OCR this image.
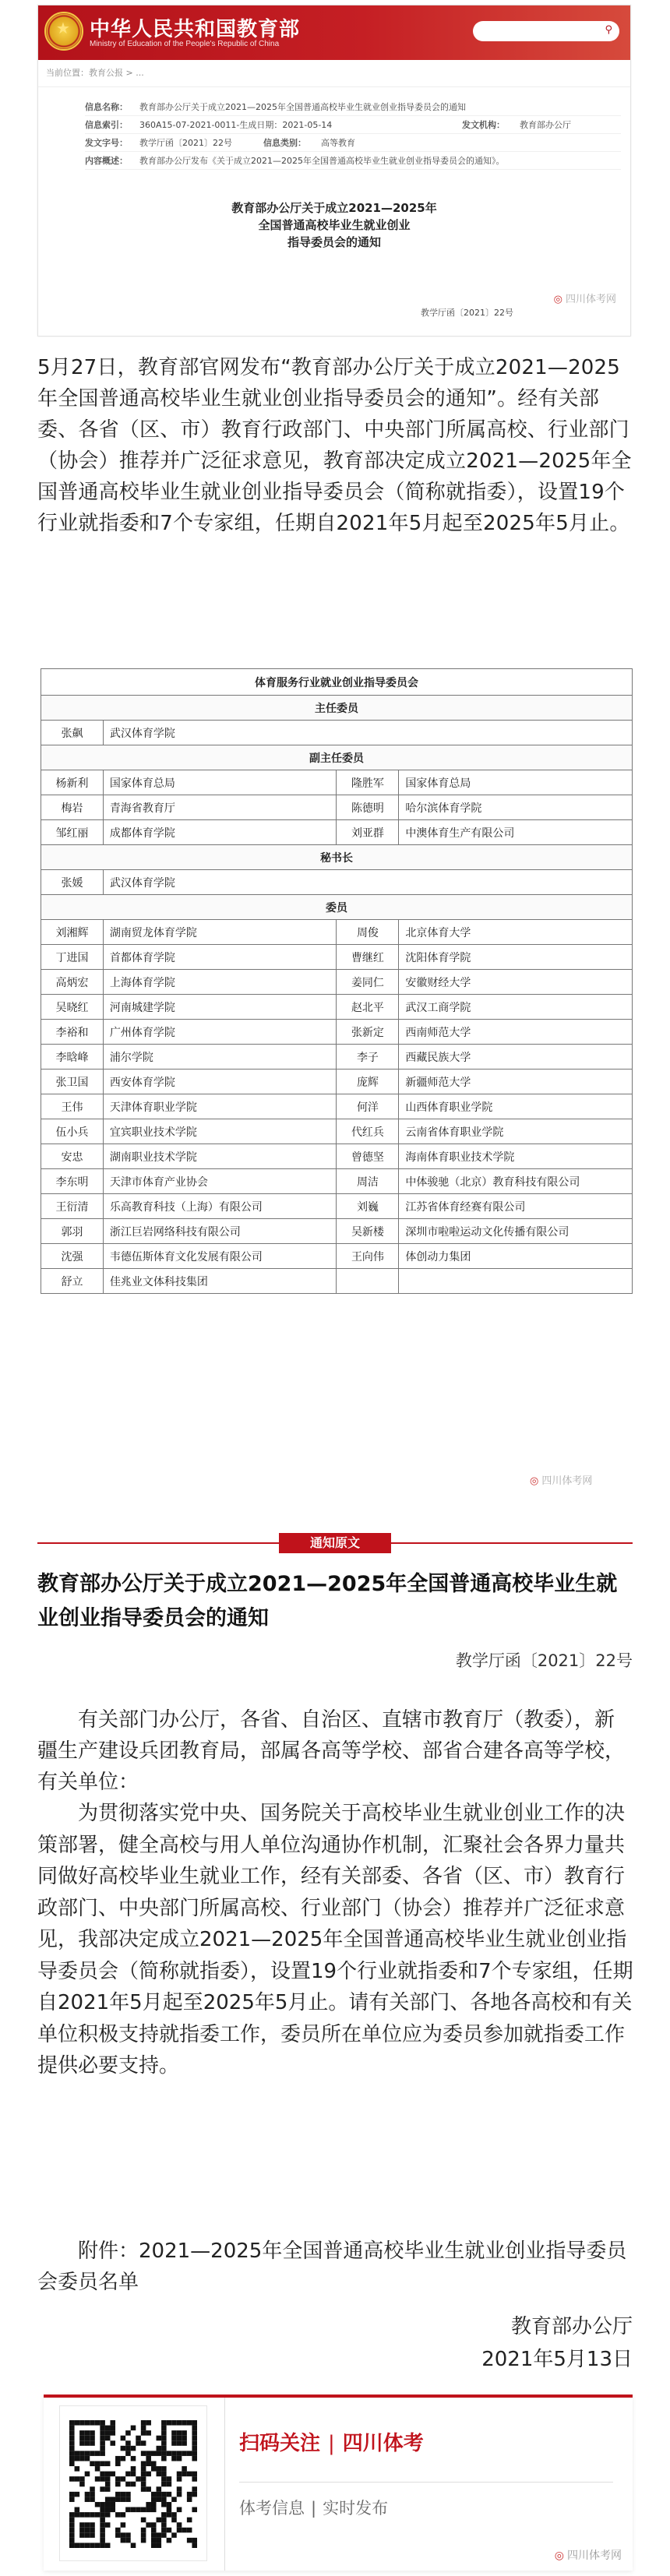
★ 中华人民共和国教育部
Ministry of Education of the People's Republic of China
⚲
当前位置：教育公报 > ...
信息名称：	教育部办公厅关于成立2021—2025年全国普通高校毕业生就业创业指导委员会的通知
信息索引：	360A15-07-2021-0011-生成日期：2021-05-14	发文机构：	教育部办公厅
发文字号：	教学厅函〔2021〕22号	信息类别：	高等教育
内容概述：	教育部办公厅发布《关于成立2021—2025年全国普通高校毕业生就业创业指导委员会的通知》。
教育部办公厅关于成立2021—2025年
全国普通高校毕业生就业创业
指导委员会的通知
教学厅函〔2021〕22号
◎ 四川体考网

5月27日，教育部官网发布“教育部办公厅关于成立2021—2025年全国普通高校毕业生就业创业指导委员会的通知”。经有关部委、各省（区、市）教育行政部门、中央部门所属高校、行业部门（协会）推荐并广泛征求意见，教育部决定成立2021—2025年全国普通高校毕业生就业创业指导委员会（简称就指委），设置19个行业就指委和7个专家组，任期自2021年5月起至2025年5月止。

体育服务行业就业创业指导委员会			
主任委员			
张飙	武汉体育学院		
副主任委员			
杨新利	国家体育总局	隆胜军	国家体育总局
梅岩	青海省教育厅	陈德明	哈尔滨体育学院
邹红丽	成都体育学院	刘亚群	中澳体育生产有限公司
秘书长			
张媛	武汉体育学院		
委员			
刘湘辉	湖南贸龙体育学院	周俊	北京体育大学
丁进国	首都体育学院	曹继红	沈阳体育学院
高炳宏	上海体育学院	姜同仁	安徽财经大学
吴晓红	河南城建学院	赵北平	武汉工商学院
李裕和	广州体育学院	张新定	西南师范大学
李晗峰	浦尔学院	李子	西藏民族大学
张卫国	西安体育学院	庞辉	新疆师范大学
王伟	天津体育职业学院	何洋	山西体育职业学院
伍小兵	宜宾职业技术学院	代红兵	云南省体育职业学院
安忠	湖南职业技术学院	曾德坚	海南体育职业技术学院
李东明	天津市体育产业协会	周洁	中体骏驰（北京）教育科技有限公司
王衍清	乐高教育科技（上海）有限公司	刘巍	江苏省体育经赛有限公司
郭羽	浙江巨岩网络科技有限公司	吴新楼	深圳市啦啦运动文化传播有限公司
沈强	韦德伍斯体育文化发展有限公司	王向伟	体创动力集团
舒立	佳兆业文体科技集团		
◎ 四川体考网
通知原文
教育部办公厅关于成立2021—2025年全国普通高校毕业生就业创业指导委员会的通知
教学厅函〔2021〕22号

有关部门办公厅，各省、自治区、直辖市教育厅（教委），新疆生产建设兵团教育局，部属各高等学校、部省合建各高等学校，有关单位：

为贯彻落实党中央、国务院关于高校毕业生就业创业工作的决策部署，健全高校与用人单位沟通协作机制，汇聚社会各界力量共同做好高校毕业生就业工作，经有关部委、各省（区、市）教育行政部门、中央部门所属高校、行业部门（协会）推荐并广泛征求意见，我部决定成立2021—2025年全国普通高校毕业生就业创业指导委员会（简称就指委），设置19个行业就指委和7个专家组，任期自2021年5月起至2025年5月止。请有关部门、各地各高校和有关单位积极支持就指委工作，委员所在单位应为委员参加就指委工作提供必要支持。

附件：2021—2025年全国普通高校毕业生就业创业指导委员会委员名单

教育部办公厅
2021年5月13日

扫码关注 | 四川体考

体考信息 | 实时发布
◎ 四川体考网
